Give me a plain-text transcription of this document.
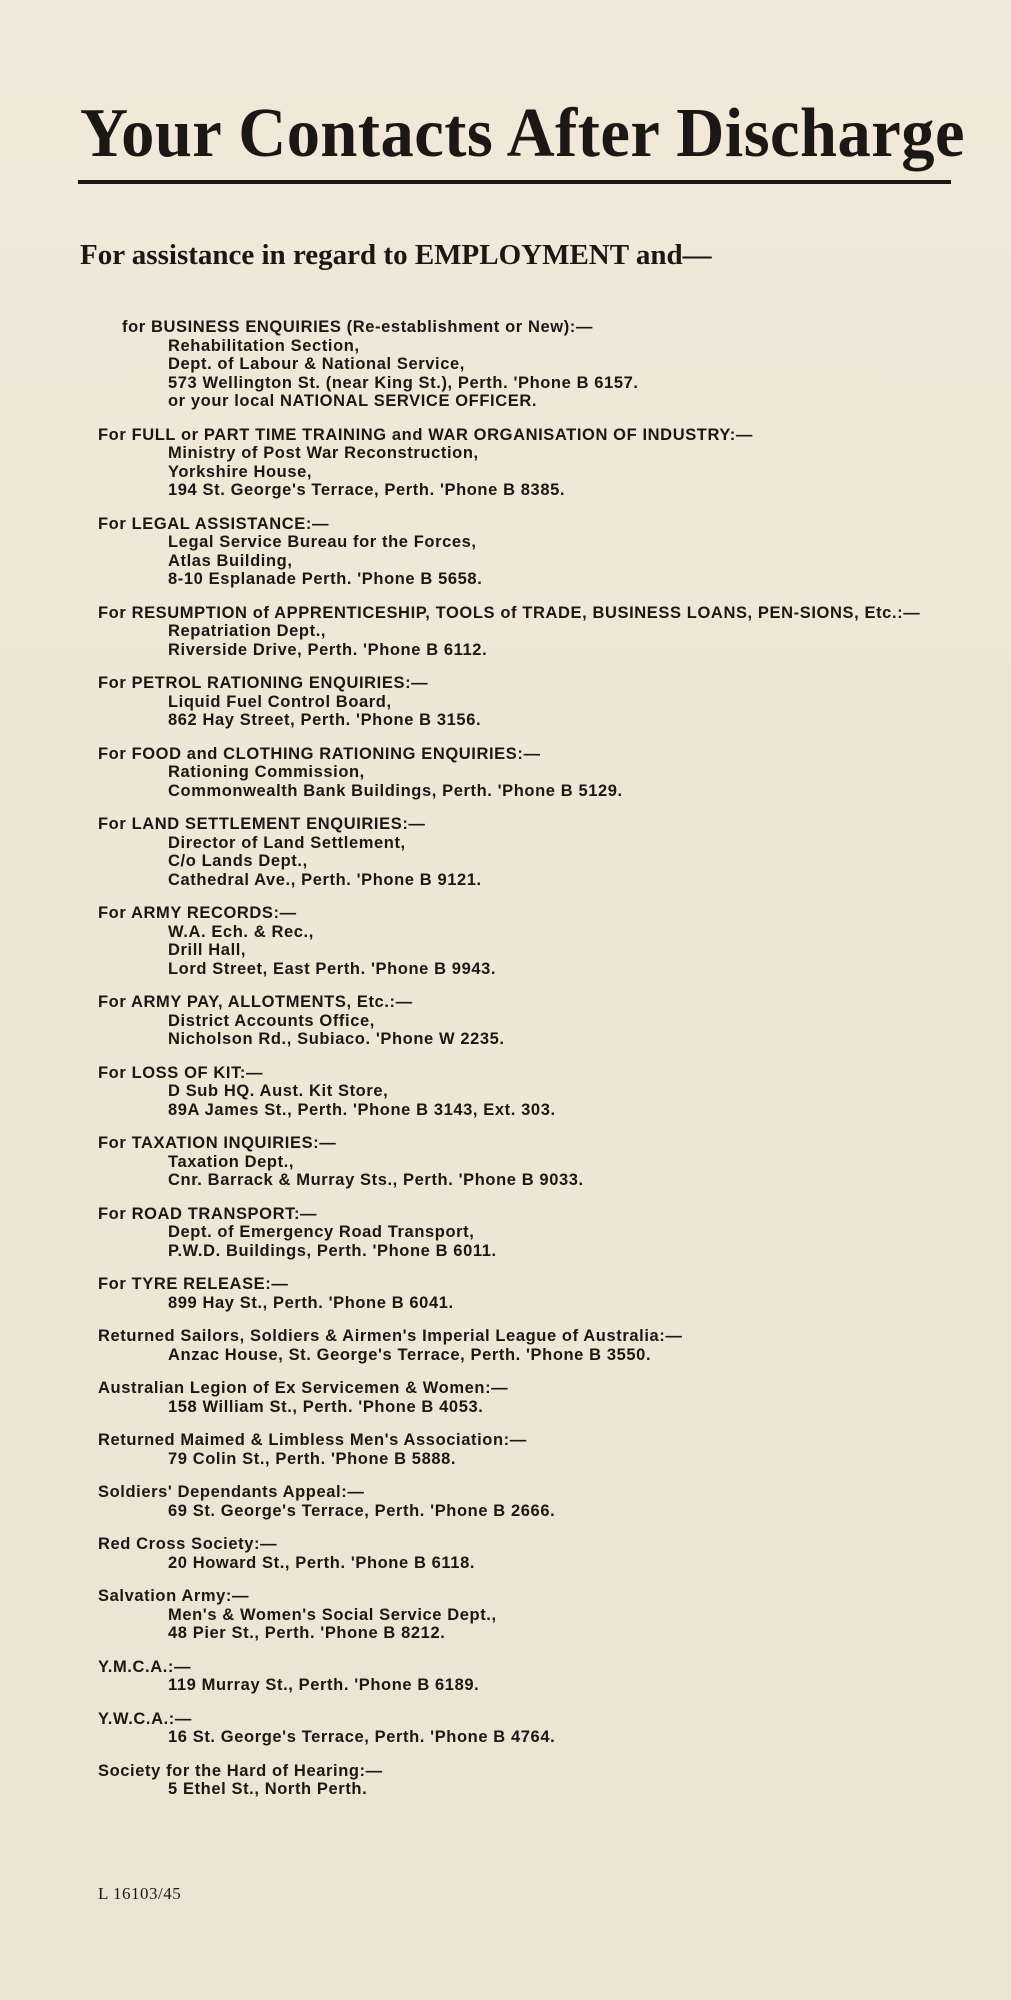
Your Contacts After Discharge
For assistance in regard to EMPLOYMENT and—
for BUSINESS ENQUIRIES (Re-establishment or New):—
Rehabilitation Section,
Dept. of Labour & National Service,
573 Wellington St. (near King St.), Perth. 'Phone B 6157.
or your local NATIONAL SERVICE OFFICER.
For FULL or PART TIME TRAINING and WAR ORGANISATION OF INDUSTRY:—
Ministry of Post War Reconstruction,
Yorkshire House,
194 St. George's Terrace, Perth. 'Phone B 8385.
For LEGAL ASSISTANCE:—
Legal Service Bureau for the Forces,
Atlas Building,
8-10 Esplanade Perth. 'Phone B 5658.
For RESUMPTION of APPRENTICESHIP, TOOLS of TRADE, BUSINESS LOANS, PEN-SIONS, Etc.:—
Repatriation Dept.,
Riverside Drive, Perth. 'Phone B 6112.
For PETROL RATIONING ENQUIRIES:—
Liquid Fuel Control Board,
862 Hay Street, Perth. 'Phone B 3156.
For FOOD and CLOTHING RATIONING ENQUIRIES:—
Rationing Commission,
Commonwealth Bank Buildings, Perth. 'Phone B 5129.
For LAND SETTLEMENT ENQUIRIES:—
Director of Land Settlement,
C/o Lands Dept.,
Cathedral Ave., Perth. 'Phone B 9121.
For ARMY RECORDS:—
W.A. Ech. & Rec.,
Drill Hall,
Lord Street, East Perth. 'Phone B 9943.
For ARMY PAY, ALLOTMENTS, Etc.:—
District Accounts Office,
Nicholson Rd., Subiaco. 'Phone W 2235.
For LOSS OF KIT:—
D Sub HQ. Aust. Kit Store,
89A James St., Perth. 'Phone B 3143, Ext. 303.
For TAXATION INQUIRIES:—
Taxation Dept.,
Cnr. Barrack & Murray Sts., Perth. 'Phone B 9033.
For ROAD TRANSPORT:—
Dept. of Emergency Road Transport,
P.W.D. Buildings, Perth. 'Phone B 6011.
For TYRE RELEASE:—
899 Hay St., Perth. 'Phone B 6041.
Returned Sailors, Soldiers & Airmen's Imperial League of Australia:—
Anzac House, St. George's Terrace, Perth. 'Phone B 3550.
Australian Legion of Ex Servicemen & Women:—
158 William St., Perth. 'Phone B 4053.
Returned Maimed & Limbless Men's Association:—
79 Colin St., Perth. 'Phone B 5888.
Soldiers' Dependants Appeal:—
69 St. George's Terrace, Perth. 'Phone B 2666.
Red Cross Society:—
20 Howard St., Perth. 'Phone B 6118.
Salvation Army:—
Men's & Women's Social Service Dept.,
48 Pier St., Perth. 'Phone B 8212.
Y.M.C.A.:—
119 Murray St., Perth. 'Phone B 6189.
Y.W.C.A.:—
16 St. George's Terrace, Perth. 'Phone B 4764.
Society for the Hard of Hearing:—
5 Ethel St., North Perth.
L 16103/45
